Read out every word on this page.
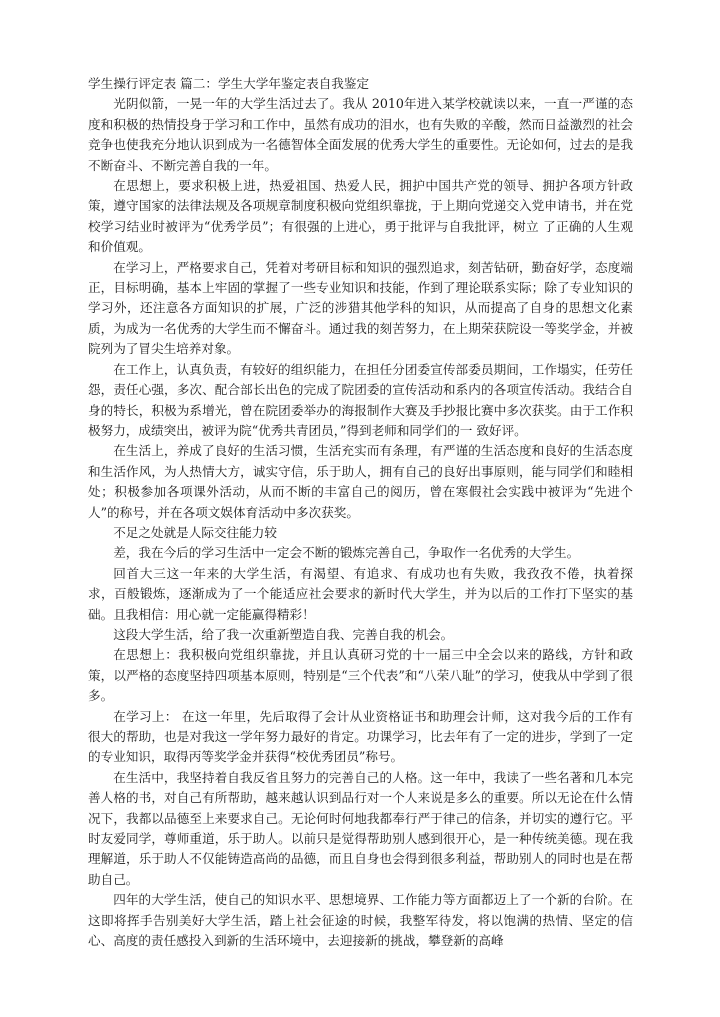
学生操行评定表 篇二：学生大学年鉴定表自我鉴定

光阴似箭，一晃一年的大学生活过去了。我从 2010年进入某学校就读以来，一直一严谨的态度和积极的热情投身于学习和工作中，虽然有成功的泪水，也有失败的辛酸，然而日益激烈的社会竞争也使我充分地认识到成为一名德智体全面发展的优秀大学生的重要性。无论如何，过去的是我不断奋斗、不断完善自我的一年。

在思想上，要求积极上进，热爱祖国、热爱人民，拥护中国共产党的领导、拥护各项方针政策，遵守国家的法律法规及各项规章制度积极向党组织靠拢，于上期向党递交入党申请书，并在党校学习结业时被评为“优秀学员”；有很强的上进心，勇于批评与自我批评，树立 了正确的人生观和价值观。

在学习上，严格要求自己，凭着对考研目标和知识的强烈追求，刻苦钻研，勤奋好学，态度端正，目标明确，基本上牢固的掌握了一些专业知识和技能，作到了理论联系实际；除了专业知识的学习外，还注意各方面知识的扩展，广泛的涉猎其他学科的知识，从而提高了自身的思想文化素质，为成为一名优秀的大学生而不懈奋斗。通过我的刻苦努力，在上期荣获院设一等奖学金，并被院列为了冒尖生培养对象。

在工作上，认真负责，有较好的组织能力，在担任分团委宣传部委员期间，工作塌实，任劳任怨，责任心强，多次、配合部长出色的完成了院团委的宣传活动和系内的各项宣传活动。我结合自身的特长，积极为系增光，曾在院团委举办的海报制作大赛及手抄报比赛中多次获奖。由于工作积极努力，成绩突出，被评为院“优秀共青团员，”得到老师和同学们的一 致好评。

在生活上，养成了良好的生活习惯，生活充实而有条理，有严谨的生活态度和良好的生活态度和生活作风，为人热情大方，诚实守信，乐于助人，拥有自己的良好出事原则，能与同学们和睦相处；积极参加各项课外活动，从而不断的丰富自己的阅历，曾在寒假社会实践中被评为“先进个人”的称号，并在各项文娱体育活动中多次获奖。

不足之处就是人际交往能力较

差，我在今后的学习生活中一定会不断的锻炼完善自己，争取作一名优秀的大学生。

回首大三这一年来的大学生活，有渴望、有追求、有成功也有失败，我孜孜不倦，执着探 求，百般锻炼，逐渐成为了一个能适应社会要求的新时代大学生，并为以后的工作打下坚实的基础。且我相信：用心就一定能赢得精彩！

这段大学生活，给了我一次重新塑造自我、完善自我的机会。

在思想上：我积极向党组织靠拢，并且认真研习党的十一届三中全会以来的路线，方针和政策，以严格的态度坚持四项基本原则，特别是“三个代表”和“八荣八耻”的学习，使我从中学到了很多。

在学习上： 在这一年里，先后取得了会计从业资格证书和助理会计师，这对我今后的工作有很大的帮助，也是对我这一学年努力最好的肯定。功课学习，比去年有了一定的进步，学到了一定的专业知识，取得丙等奖学金并获得“校优秀团员”称号。

在生活中，我坚持着自我反省且努力的完善自己的人格。这一年中，我读了一些名著和几本完善人格的书，对自己有所帮助，越来越认识到品行对一个人来说是多么的重要。所以无论在什么情况下，我都以品德至上来要求自己。无论何时何地我都奉行严于律己的信条，并切实的遵行它。平时友爱同学，尊师重道，乐于助人。以前只是觉得帮助别人感到很开心，是一种传统美德。现在我理解道，乐于助人不仅能铸造高尚的品德，而且自身也会得到很多利益，帮助别人的同时也是在帮助自己。

四年的大学生活，使自己的知识水平、思想境界、工作能力等方面都迈上了一个新的台阶。在这即将挥手告别美好大学生活，踏上社会征途的时候，我整军待发，将以饱满的热情、坚定的信心、高度的责任感投入到新的生活环境中，去迎接新的挑战，攀登新的高峰
